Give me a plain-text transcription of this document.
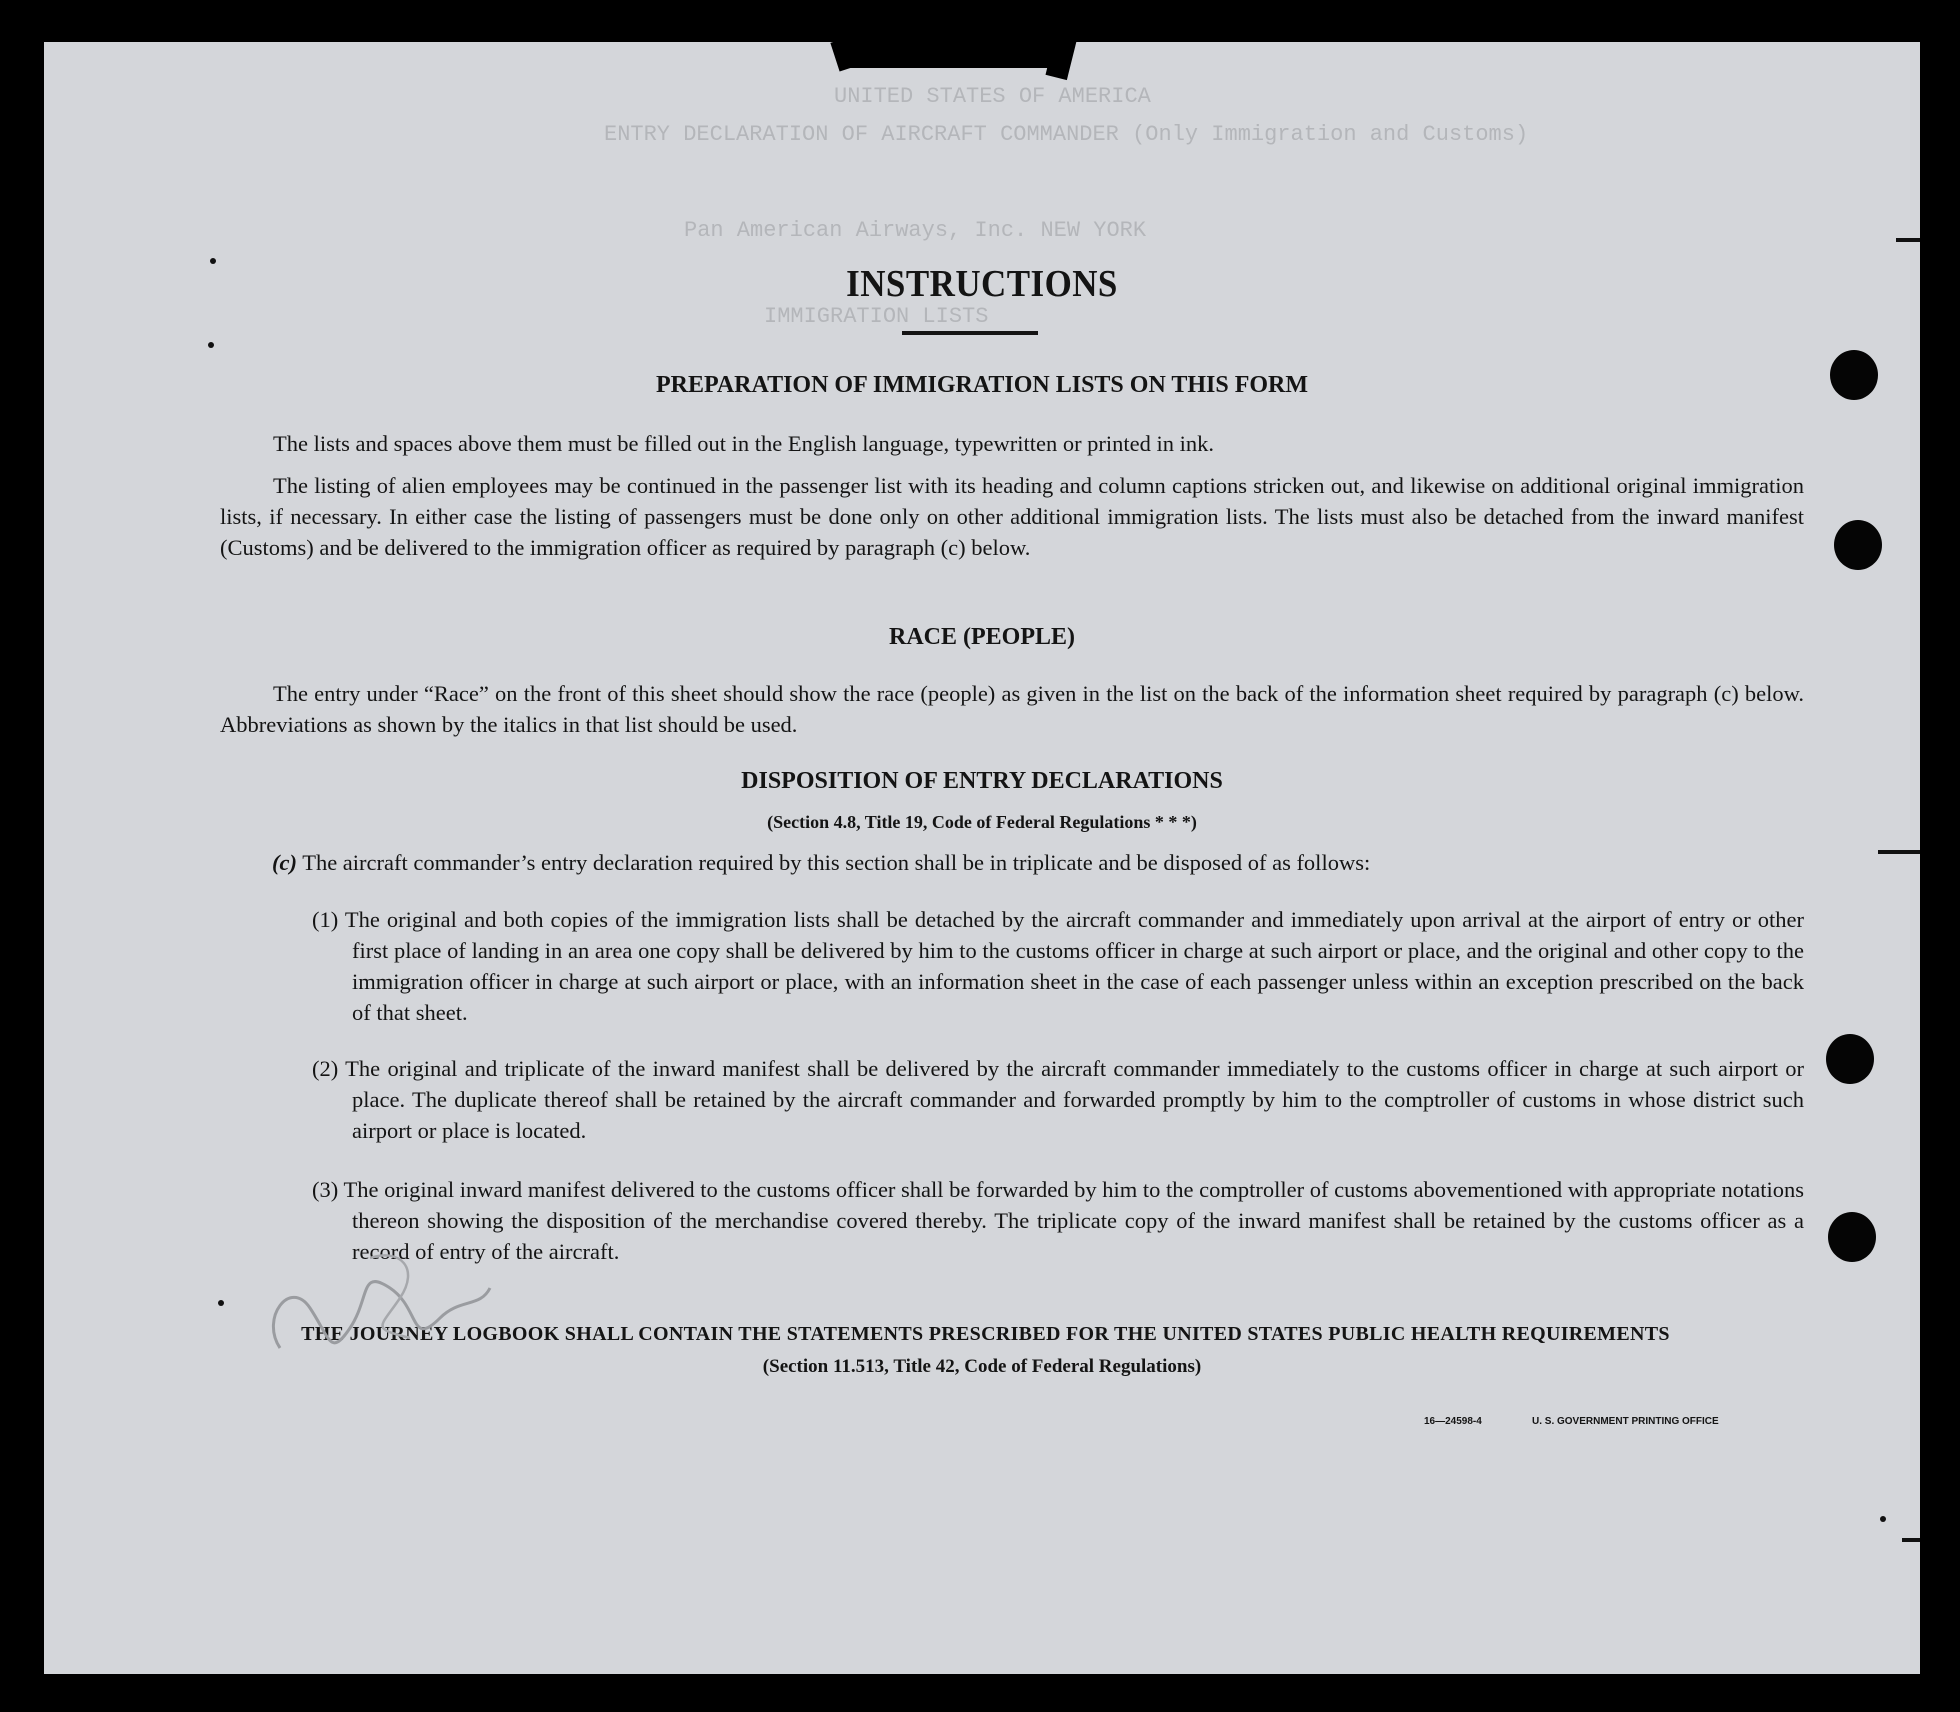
UNITED STATES OF AMERICA
ENTRY DECLARATION OF AIRCRAFT COMMANDER (Only Immigration and Customs)
Pan American Airways, Inc. NEW YORK
IMMIGRATION LISTS
INSTRUCTIONS
PREPARATION OF IMMIGRATION LISTS ON THIS FORM
The lists and spaces above them must be filled out in the English language, typewritten or printed in ink.
The listing of alien employees may be continued in the passenger list with its heading and column captions stricken out, and likewise on additional original immigration lists, if necessary. In either case the listing of passengers must be done only on other additional immigration lists. The lists must also be detached from the inward manifest (Customs) and be delivered to the immigration officer as required by paragraph (c) below.
RACE (PEOPLE)
The entry under “Race” on the front of this sheet should show the race (people) as given in the list on the back of the information sheet required by paragraph (c) below. Abbreviations as shown by the italics in that list should be used.
DISPOSITION OF ENTRY DECLARATIONS
(Section 4.8, Title 19, Code of Federal Regulations * * *)
(c) The aircraft commander’s entry declaration required by this section shall be in triplicate and be disposed of as follows:
(1) The original and both copies of the immigration lists shall be detached by the aircraft commander and immediately upon arrival at the airport of entry or other first place of landing in an area one copy shall be delivered by him to the customs officer in charge at such airport or place, and the original and other copy to the immigration officer in charge at such airport or place, with an information sheet in the case of each passenger unless within an exception prescribed on the back of that sheet.
(2) The original and triplicate of the inward manifest shall be delivered by the aircraft commander immediately to the customs officer in charge at such airport or place. The duplicate thereof shall be retained by the aircraft commander and forwarded promptly by him to the comptroller of customs in whose district such airport or place is located.
(3) The original inward manifest delivered to the customs officer shall be forwarded by him to the comptroller of customs abovementioned with appropriate notations thereon showing the disposition of the merchandise covered thereby. The triplicate copy of the inward manifest shall be retained by the customs officer as a record of entry of the aircraft.
THE JOURNEY LOGBOOK SHALL CONTAIN THE STATEMENTS PRESCRIBED FOR THE UNITED STATES PUBLIC HEALTH REQUIREMENTS
(Section 11.513, Title 42, Code of Federal Regulations)
16—24598-4	U. S. GOVERNMENT PRINTING OFFICE
